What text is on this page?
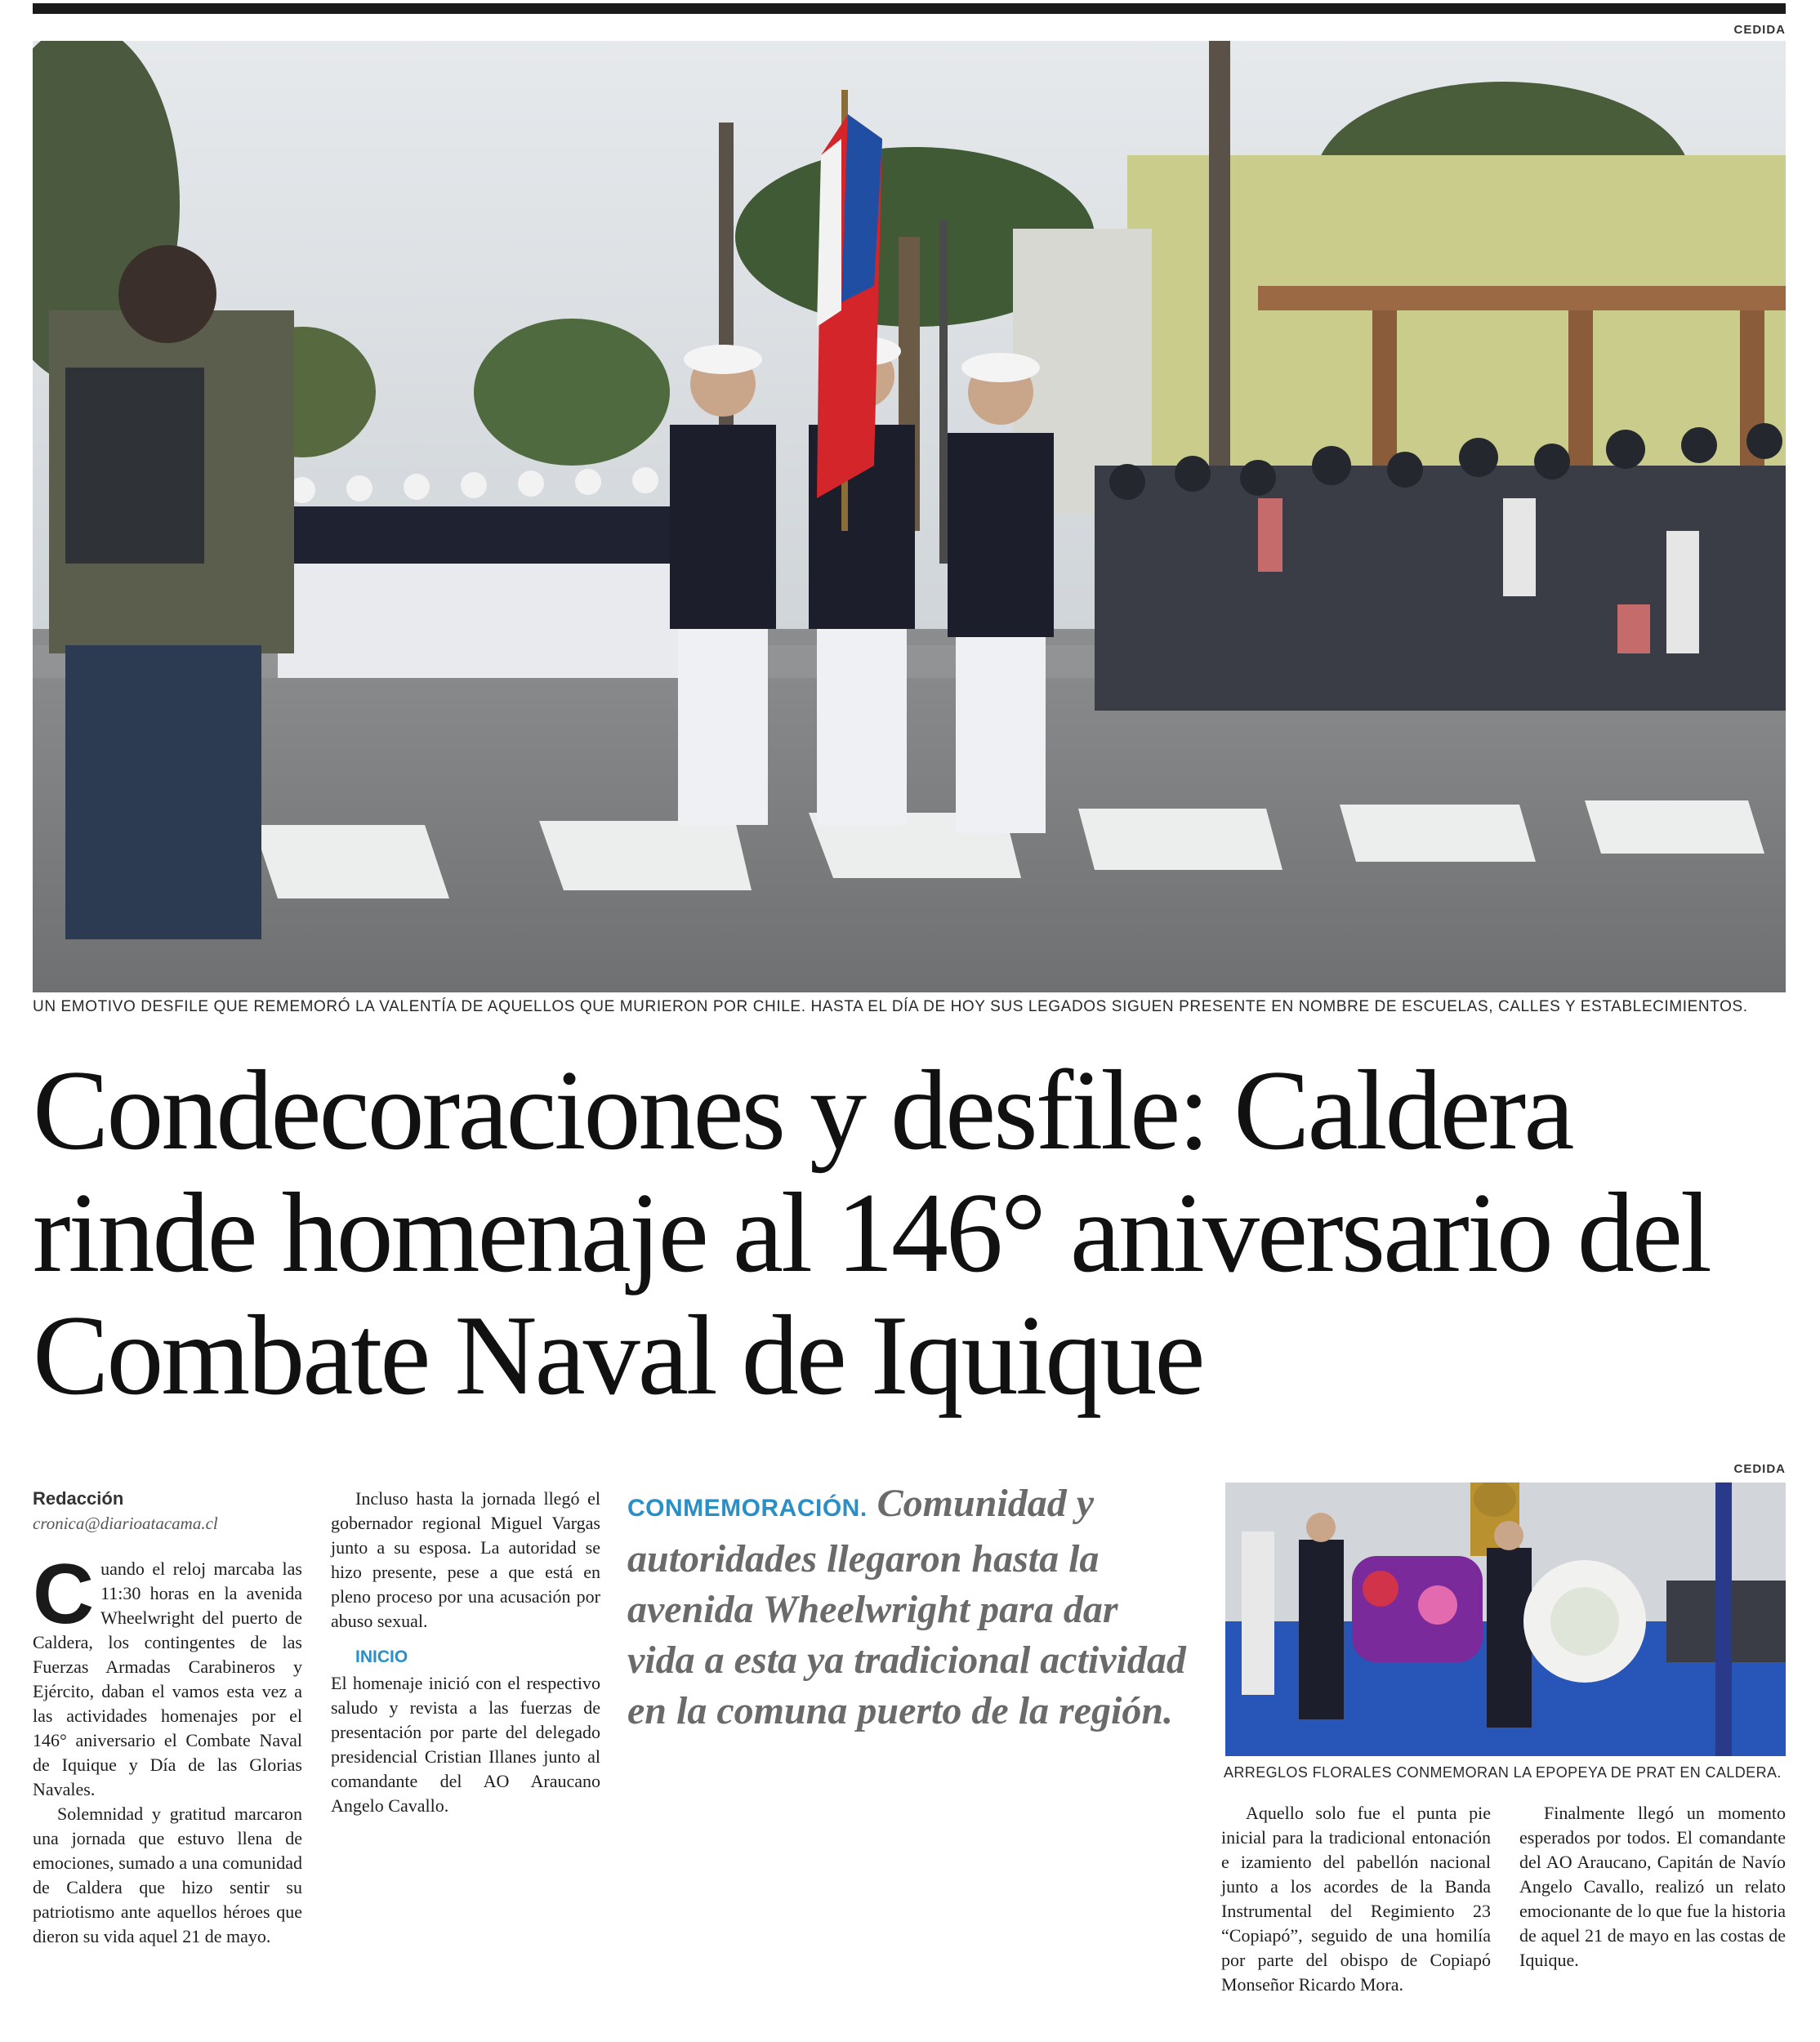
CEDIDA
UN EMOTIVO DESFILE QUE REMEMORÓ LA VALENTÍA DE AQUELLOS QUE MURIERON POR CHILE. HASTA EL DÍA DE HOY SUS LEGADOS SIGUEN PRESENTE EN NOMBRE DE ESCUELAS, CALLES Y ESTABLECIMIENTOS.
Condecoraciones y desfile: Caldera rinde homenaje al 146° aniversario del Combate Naval de Iquique
Redacción
cronica@diarioatacama.cl

Cuando el reloj marcaba las 11:30 horas en la avenida Wheelwright del puerto de Caldera, los contingentes de las Fuerzas Armadas Carabineros y Ejército, daban el vamos esta vez a las actividades homenajes por el 146° aniversario el Combate Naval de Iquique y Día de las Glorias Navales.

Solemnidad y gratitud marcaron una jornada que estuvo llena de emociones, sumado a una comunidad de Caldera que hizo sentir su patriotismo ante aquellos héroes que dieron su vida aquel 21 de mayo.

Incluso hasta la jornada llegó el gobernador regional Miguel Vargas junto a su esposa. La autoridad se hizo presente, pese a que está en pleno proceso por una acusación por abuso sexual.

INICIO

El homenaje inició con el respectivo saludo y revista a las fuerzas de presentación por parte del delegado presidencial Cristian Illanes junto al comandante del AO Araucano Angelo Cavallo.

CONMEMORACIÓN. Comunidad y autoridades llegaron hasta la avenida Wheelwright para dar vida a esta ya tradicional actividad en la comuna puerto de la región.
CEDIDA
ARREGLOS FLORALES CONMEMORAN LA EPOPEYA DE PRAT EN CALDERA.

Aquello solo fue el punta pie inicial para la tradicional entonación e izamiento del pabellón nacional junto a los acordes de la Banda Instrumental del Regimiento 23 “Copiapó”, seguido de una homilía por parte del obispo de Copiapó Monseñor Ricardo Mora.

Finalmente llegó un momento esperados por todos. El comandante del AO Araucano, Capitán de Navío Angelo Cavallo, realizó un relato emocionante de lo que fue la historia de aquel 21 de mayo en las costas de Iquique.
